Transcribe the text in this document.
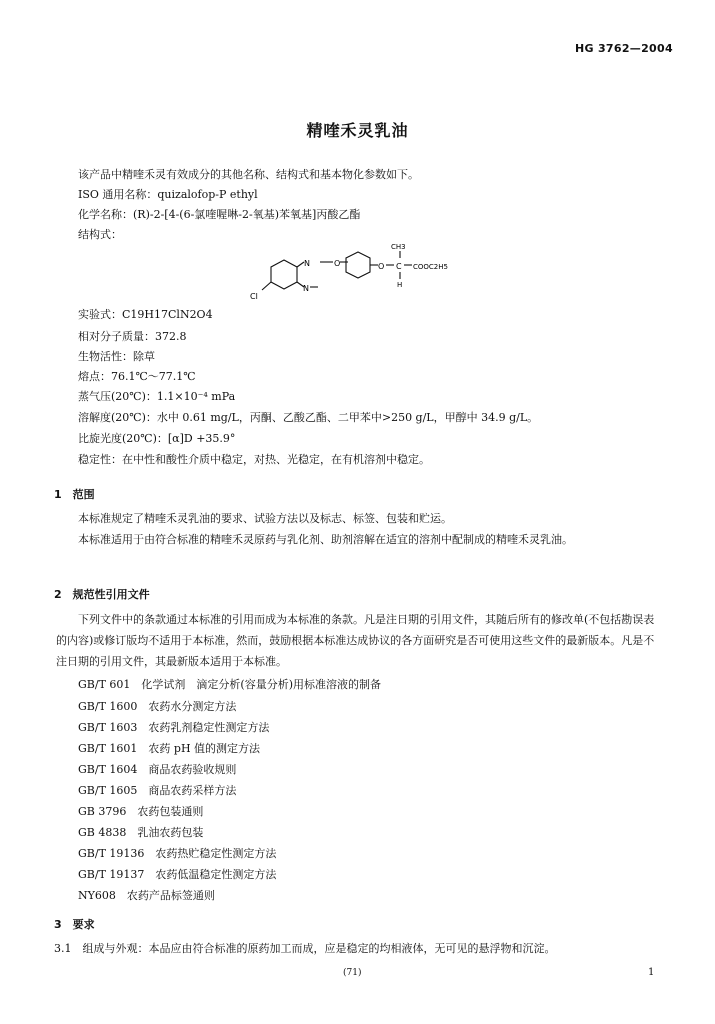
HG 3762—2004
精喹禾灵乳油
该产品中精喹禾灵有效成分的其他名称、结构式和基本物化参数如下。
ISO 通用名称：quizalofop-P ethyl
化学名称：(R)-2-[4-(6-氯喹喔啉-2-氧基)苯氧基]丙酸乙酯
结构式：
N	O
N
Cl
O C
CH3
COOC2H5
H
实验式：C19H17ClN2O4
相对分子质量：372.8
生物活性：除草
熔点：76.1℃～77.1℃
蒸气压(20℃)：1.1×10⁻⁴ mPa
溶解度(20℃)：水中 0.61 mg/L，丙酮、乙酸乙酯、二甲苯中>250 g/L，甲醇中 34.9 g/L。
比旋光度(20℃)：[α]D +35.9°
稳定性：在中性和酸性介质中稳定，对热、光稳定，在有机溶剂中稳定。
1　范围
本标准规定了精喹禾灵乳油的要求、试验方法以及标志、标签、包装和贮运。
本标准适用于由符合标准的精喹禾灵原药与乳化剂、助剂溶解在适宜的溶剂中配制成的精喹禾灵乳油。
2　规范性引用文件
下列文件中的条款通过本标准的引用而成为本标准的条款。凡是注日期的引用文件，其随后所有的修改单(不包括勘误表的内容)或修订版均不适用于本标准，然而，鼓励根据本标准达成协议的各方面研究是否可使用这些文件的最新版本。凡是不注日期的引用文件，其最新版本适用于本标准。
GB/T 601　化学试剂　滴定分析(容量分析)用标准溶液的制备
GB/T 1600　农药水分测定方法
GB/T 1603　农药乳剂稳定性测定方法
GB/T 1601　农药 pH 值的测定方法
GB/T 1604　商品农药验收规则
GB/T 1605　商品农药采样方法
GB 3796　农药包装通则
GB 4838　乳油农药包装
GB/T 19136　农药热贮稳定性测定方法
GB/T 19137　农药低温稳定性测定方法
NY608　农药产品标签通则
3　要求
3.1　组成与外观：本品应由符合标准的原药加工而成，应是稳定的均相液体，无可见的悬浮物和沉淀。
(71)	1
